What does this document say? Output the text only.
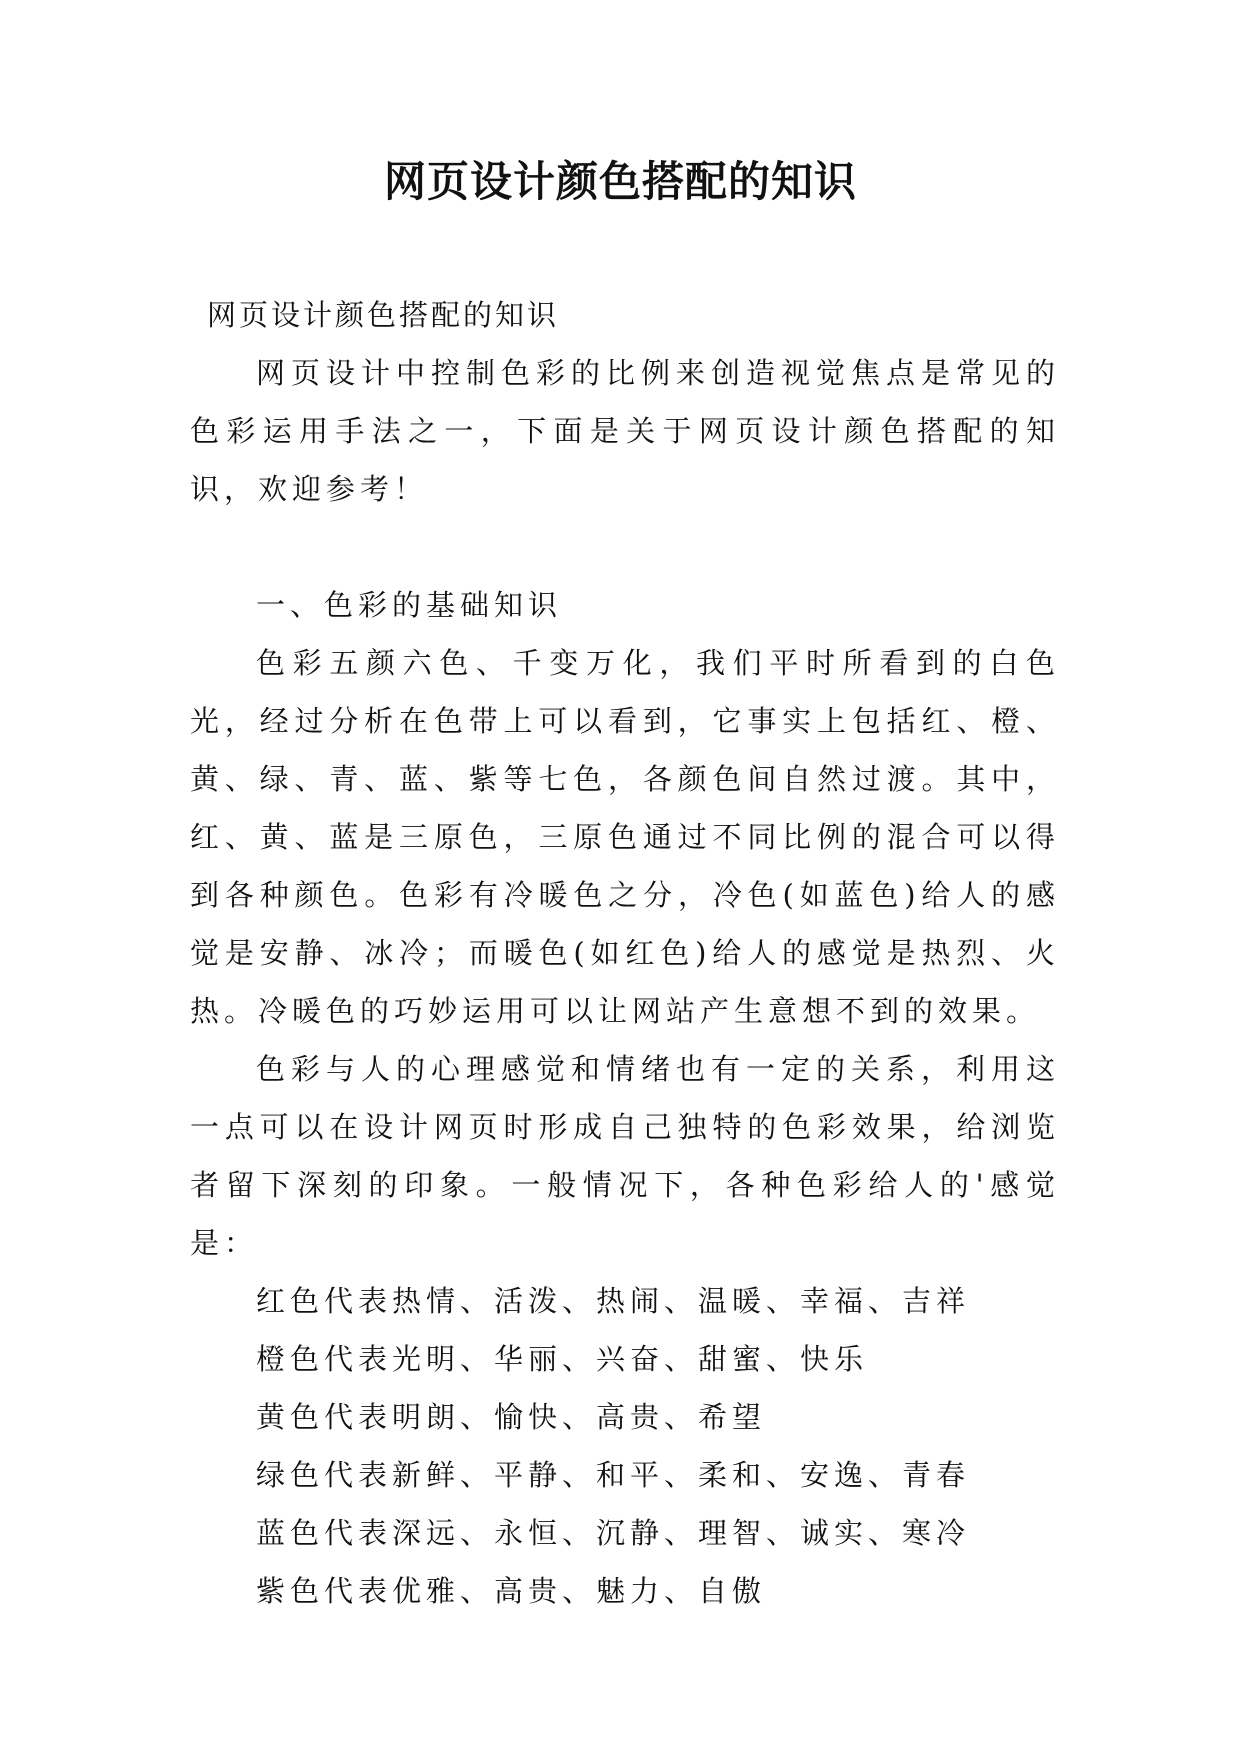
网页设计颜色搭配的知识

网页设计颜色搭配的知识

网页设计中控制色彩的比例来创造视觉焦点是常见的色彩运用手法之一，下面是关于网页设计颜色搭配的知识，欢迎参考！

一、色彩的基础知识

色彩五颜六色、千变万化，我们平时所看到的白色光，经过分析在色带上可以看到，它事实上包括红、橙、黄、绿、青、蓝、紫等七色，各颜色间自然过渡。其中，红、黄、蓝是三原色，三原色通过不同比例的混合可以得到各种颜色。色彩有冷暖色之分，冷色(如蓝色)给人的感觉是安静、冰冷；而暖色(如红色)给人的感觉是热烈、火热。冷暖色的巧妙运用可以让网站产生意想不到的效果。

色彩与人的心理感觉和情绪也有一定的关系，利用这一点可以在设计网页时形成自己独特的色彩效果，给浏览者留下深刻的印象。一般情况下，各种色彩给人的'感觉是：

红色代表热情、活泼、热闹、温暖、幸福、吉祥
橙色代表光明、华丽、兴奋、甜蜜、快乐
黄色代表明朗、愉快、高贵、希望
绿色代表新鲜、平静、和平、柔和、安逸、青春
蓝色代表深远、永恒、沉静、理智、诚实、寒冷
紫色代表优雅、高贵、魅力、自傲
